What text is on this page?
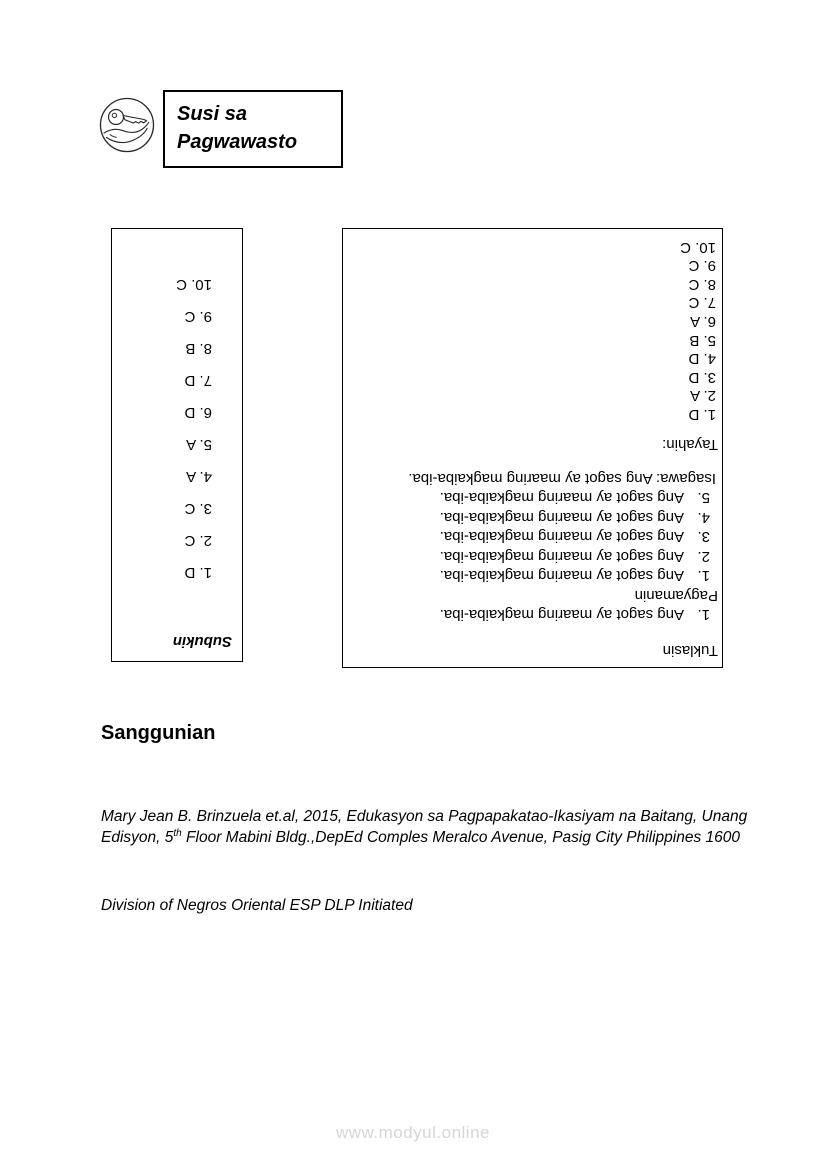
Susi sa
Pagwawasto
Subukin
1. D
2. C
3. C
4. A
5. A
6. D
7. D
8. B
9. C
10. C
Tuklasin
1.Ang sagot ay maaring magkaiba-iba.
Pagyamanin
1.Ang sagot ay maaring magkaiba-iba.
2.Ang sagot ay maaring magkaiba-iba.
3.Ang sagot ay maaring magkaiba-iba.
4.Ang sagot ay maaring magkaiba-iba.
5.Ang sagot ay maaring magkaiba-iba.
Isagawa: Ang sagot ay maaring magkaiba-iba.
Tayahin:
1. D
2. A
3. D
4. D
5. B
6. A
7. C
8. C
9. C
10. C
Sanggunian

Mary Jean B. Brinzuela et.al, 2015, Edukasyon sa Pagpapakatao-Ikasiyam na Baitang, Unang Edisyon, 5th Floor Mabini Bldg.,DepEd Comples Meralco Avenue, Pasig City Philippines 1600

Division of Negros Oriental ESP DLP Initiated
www.modyul.online
